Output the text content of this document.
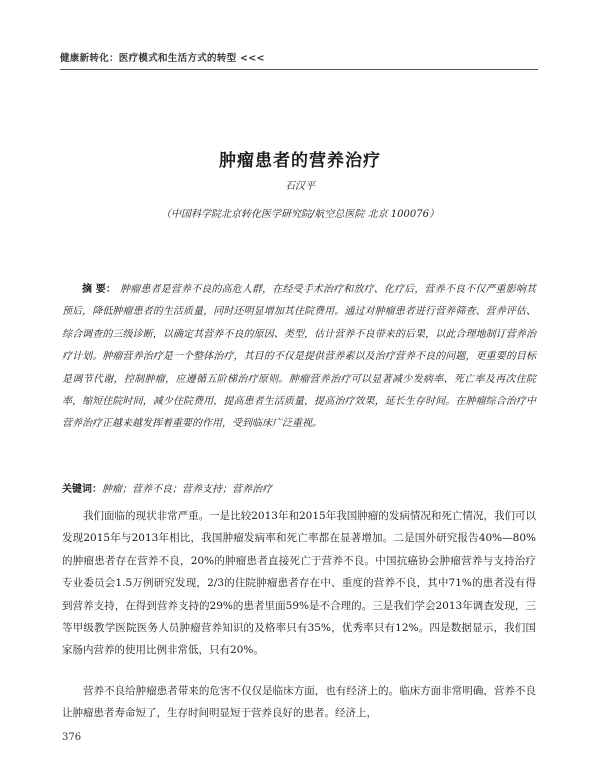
健康新转化：医疗模式和生活方式的转型 <<<
肿瘤患者的营养治疗
石汉平
（中国科学院北京转化医学研究院/航空总医院 北京 100076）
摘 要： 肿瘤患者是营养不良的高危人群，在经受手术治疗和放疗、化疗后，营养不良不仅严重影响其预后，降低肿瘤患者的生活质量，同时还明显增加其住院费用。通过对肿瘤患者进行营养筛查、营养评估、综合调查的三级诊断，以确定其营养不良的原因、类型，估计营养不良带来的后果，以此合理地制订营养治疗计划。肿瘤营养治疗是一个整体治疗，其目的不仅是提供营养素以及治疗营养不良的问题，更重要的目标是调节代谢，控制肿瘤，应遵循五阶梯治疗原则。肿瘤营养治疗可以显著减少发病率、死亡率及再次住院率，缩短住院时间，减少住院费用，提高患者生活质量，提高治疗效果，延长生存时间。在肿瘤综合治疗中营养治疗正越来越发挥着重要的作用，受到临床广泛重视。
关键词：肿瘤；营养不良；营养支持；营养治疗
我们面临的现状非常严重。一是比较2013年和2015年我国肿瘤的发病情况和死亡情况，我们可以发现2015年与2013年相比，我国肿瘤发病率和死亡率都在显著增加。二是国外研究报告40%—80%的肿瘤患者存在营养不良，20%的肿瘤患者直接死亡于营养不良。中国抗癌协会肿瘤营养与支持治疗专业委员会1.5万例研究发现，2/3的住院肿瘤患者存在中、重度的营养不良，其中71%的患者没有得到营养支持，在得到营养支持的29%的患者里面59%是不合理的。三是我们学会2013年调查发现，三等甲级教学医院医务人员肿瘤营养知识的及格率只有35%，优秀率只有12%。四是数据显示，我们国家肠内营养的使用比例非常低，只有20%。
营养不良给肿瘤患者带来的危害不仅仅是临床方面，也有经济上的。临床方面非常明确，营养不良让肿瘤患者寿命短了，生存时间明显短于营养良好的患者。经济上，
376
